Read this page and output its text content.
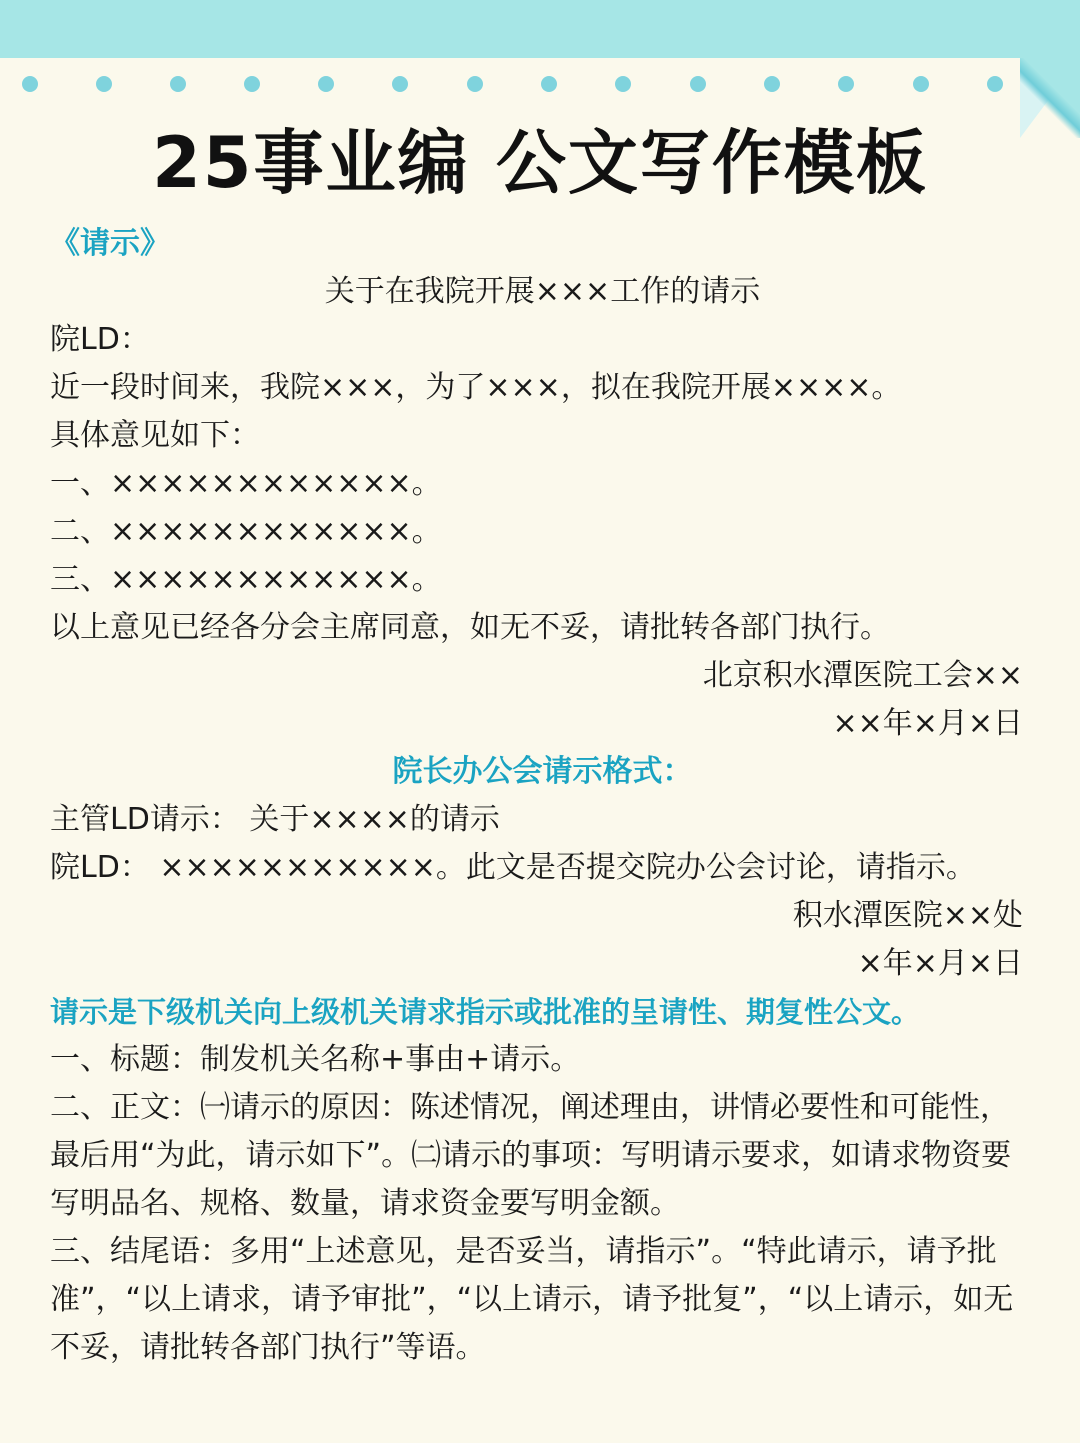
25事业编 公文写作模板
《请示》
关于在我院开展×××工作的请示
院LD：
近一段时间来，我院×××，为了×××，拟在我院开展××××。
具体意见如下：
一、××××××××××××。
二、××××××××××××。
三、××××××××××××。
以上意见已经各分会主席同意，如无不妥，请批转各部门执行。
北京积水潭医院工会××
××年×月×日
院长办公会请示格式：
主管LD请示： 关于××××的请示
院LD： ×××××××××××。此文是否提交院办公会讨论，请指示。
积水潭医院××处
×年×月×日
请示是下级机关向上级机关请求指示或批准的呈请性、期复性公文。
一、标题：制发机关名称+事由+请示。
二、正文：㈠请示的原因：陈述情况，阐述理由，讲情必要性和可能性，最后用“为此，请示如下”。㈡请示的事项：写明请示要求，如请求物资要写明品名、规格、数量，请求资金要写明金额。
三、结尾语：多用“上述意见，是否妥当，请指示”。“特此请示，请予批准”，“以上请求，请予审批”，“以上请示，请予批复”，“以上请示，如无不妥，请批转各部门执行”等语。
